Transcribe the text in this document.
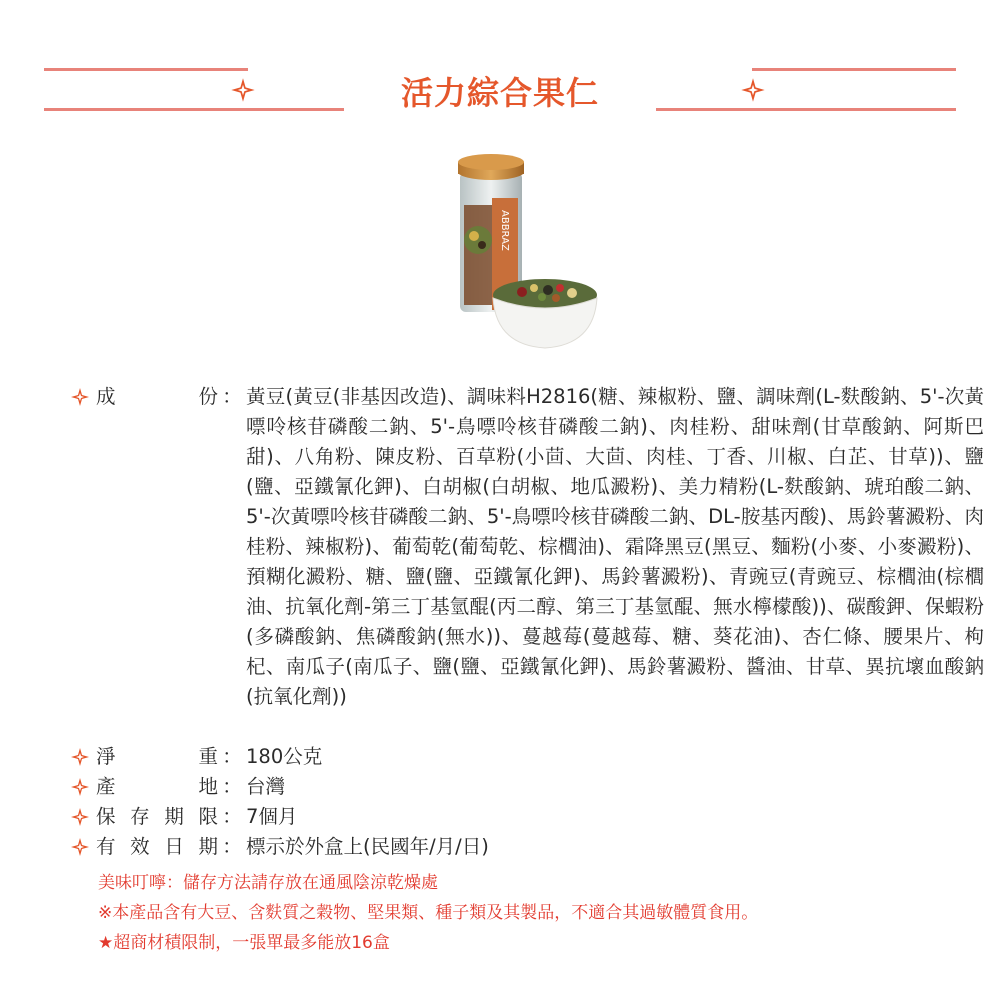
活力綜合果仁
ABBRAZ
成	份 ： 黃豆(黃豆(非基因改造)、調味料H2816(糖、辣椒粉、鹽、調味劑(L-麩酸鈉、5'-次黃嘌呤核苷磷酸二鈉、5'-鳥嘌呤核苷磷酸二鈉)、肉桂粉、甜味劑(甘草酸鈉、阿斯巴甜)、八角粉、陳皮粉、百草粉(小茴、大茴、肉桂、丁香、川椒、白芷、甘草))、鹽(鹽、亞鐵氰化鉀)、白胡椒(白胡椒、地瓜澱粉)、美力精粉(L-麩酸鈉、琥珀酸二鈉、5'-次黃嘌呤核苷磷酸二鈉、5'-鳥嘌呤核苷磷酸二鈉、DL-胺基丙酸)、馬鈴薯澱粉、肉桂粉、辣椒粉)、葡萄乾(葡萄乾、棕櫚油)、霜降黑豆(黑豆、麵粉(小麥、小麥澱粉)、預糊化澱粉、糖、鹽(鹽、亞鐵氰化鉀)、馬鈴薯澱粉)、青豌豆(青豌豆、棕櫚油(棕櫚油、抗氧化劑-第三丁基氫醌(丙二醇、第三丁基氫醌、無水檸檬酸))、碳酸鉀、保蝦粉(多磷酸鈉、焦磷酸鈉(無水))、蔓越莓(蔓越莓、糖、葵花油)、杏仁條、腰果片、枸杞、南瓜子(南瓜子、鹽(鹽、亞鐵氰化鉀)、馬鈴薯澱粉、醬油、甘草、異抗壞血酸鈉(抗氧化劑))
淨	重 ： 180公克
產	地 ： 台灣
保 存 期 限 ： 7個月
有 效 日 期 ： 標示於外盒上(民國年/月/日)
美味叮嚀：儲存方法請存放在通風陰涼乾燥處
※本產品含有大豆、含麩質之穀物、堅果類、種子類及其製品，不適合其過敏體質食用。
★超商材積限制，一張單最多能放16盒
